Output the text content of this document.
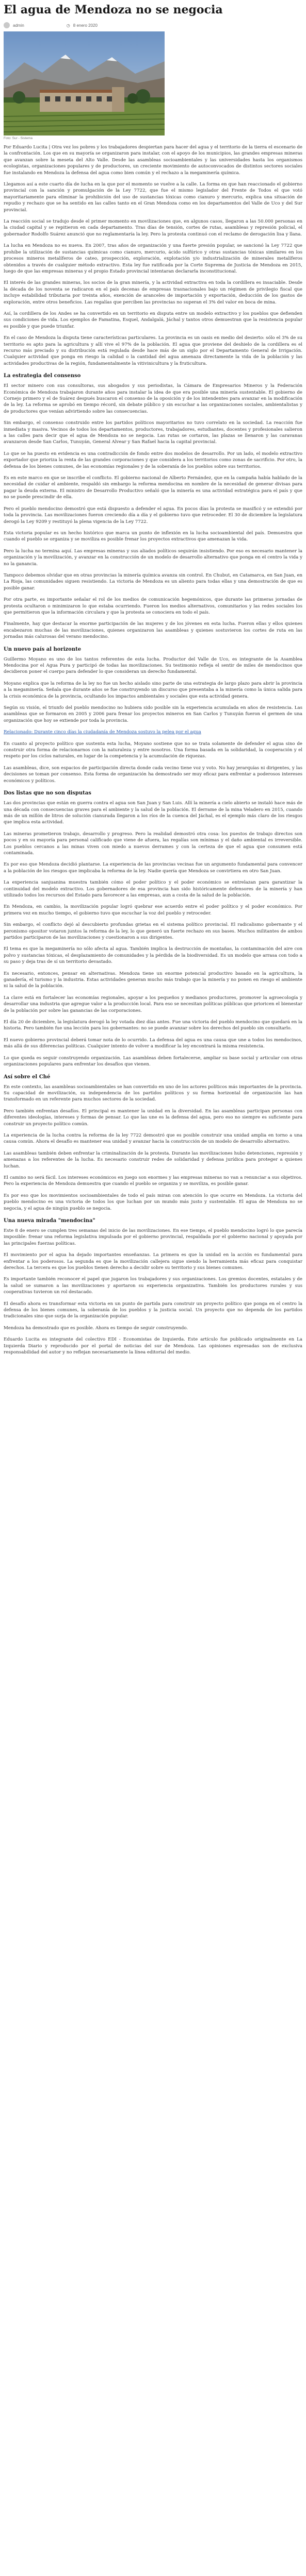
El agua de Mendoza no se negocia
admin	◷ 8 enero 2020
Foto: Sur - Sistema

Por Eduardo Lucita | Otra vez los pobres y los trabajadores despiertan para hacer del agua y el territorio de la tierra el escenario de la confrontación. Los que en su mayoría se organizaron para instalar, con el apoyo de los municipios, las grandes empresas mineras que avanzan sobre la meseta del Alto Valle. Desde las asambleas socioambientales y las universidades hasta los organismos ecologistas, organizaciones populares y de productores, un creciente movimiento de autoconvocados de distintos sectores sociales fue instalando en Mendoza la defensa del agua como bien común y el rechazo a la megaminería química.

Llegamos así a este cuarto día de lucha en la que por el momento se vuelve a la calle. La forma en que han reaccionado el gobierno provincial con la sanción y promulgación de la Ley 7722, que fue el mismo legislador del Frente de Todos el que votó mayoritariamente para eliminar la prohibición del uso de sustancias tóxicas como cianuro y mercurio, explica una situación de repudio y rechazo que se ha sentido en las calles tanto en el Gran Mendoza como en los departamentos del Valle de Uco y del Sur provincial.

La reacción social se tradujo desde el primer momento en movilizaciones que, en algunos casos, llegaron a las 50.000 personas en la ciudad capital y se repitieron en cada departamento. Tras días de tensión, cortes de rutas, asambleas y represión policial, el gobernador Rodolfo Suárez anunció que no reglamentaría la ley. Pero la protesta continuó con el reclamo de derogación lisa y llana.

La lucha en Mendoza no es nueva. En 2007, tras años de organización y una fuerte presión popular, se sancionó la Ley 7722 que prohíbe la utilización de sustancias químicas como cianuro, mercurio, ácido sulfúrico y otras sustancias tóxicas similares en los procesos mineros metalíferos de cateo, prospección, exploración, explotación y/o industrialización de minerales metalíferos obtenidos a través de cualquier método extractivo. Esta ley fue ratificada por la Corte Suprema de Justicia de Mendoza en 2015, luego de que las empresas mineras y el propio Estado provincial intentaran declararla inconstitucional.

El interés de las grandes mineras, los socios de la gran minería, y la actividad extractiva en toda la cordillera es insaciable. Desde la década de los noventa se radicaron en el país decenas de empresas trasnacionales bajo un régimen de privilegio fiscal que incluye estabilidad tributaria por treinta años, exención de aranceles de importación y exportación, deducción de los gastos de exploración, entre otros beneficios. Las regalías que perciben las provincias no superan el 3% del valor en boca de mina.

Así, la cordillera de los Andes se ha convertido en un territorio en disputa entre un modelo extractivo y los pueblos que defienden sus condiciones de vida. Los ejemplos de Famatina, Esquel, Andalgalá, Jáchal y tantos otros demuestran que la resistencia popular es posible y que puede triunfar.

En el caso de Mendoza la disputa tiene características particulares. La provincia es un oasis en medio del desierto: sólo el 3% de su territorio es apto para la agricultura y allí vive el 97% de la población. El agua que proviene del deshielo de la cordillera es el recurso más preciado y su distribución está regulada desde hace más de un siglo por el Departamento General de Irrigación. Cualquier actividad que ponga en riesgo la calidad o la cantidad del agua amenaza directamente la vida de la población y las actividades productivas de la región, fundamentalmente la vitivinicultura y la fruticultura.

La estrategia del consenso

El sector minero con sus consultoras, sus abogados y sus periodistas, la Cámara de Empresarios Mineros y la Federación Económica de Mendoza trabajaron durante años para instalar la idea de que era posible una minería sustentable. El gobierno de Cornejo primero y el de Suárez después buscaron el consenso de la oposición y de los intendentes para avanzar en la modificación de la ley. La reforma se aprobó en tiempo récord, sin debate público y sin escuchar a las organizaciones sociales, ambientalistas y de productores que venían advirtiendo sobre las consecuencias.

Sin embargo, el consenso construido entre los partidos políticos mayoritarios no tuvo correlato en la sociedad. La reacción fue inmediata y masiva. Vecinos de todos los departamentos, productores, trabajadores, estudiantes, docentes y profesionales salieron a las calles para decir que el agua de Mendoza no se negocia. Las rutas se cortaron, las plazas se llenaron y las caravanas avanzaron desde San Carlos, Tunuyán, General Alvear y San Rafael hacia la capital provincial.

Lo que se ha puesto en evidencia es una contradicción de fondo entre dos modelos de desarrollo. Por un lado, el modelo extractivo exportador que prioriza la renta de las grandes corporaciones y que considera a los territorios como zonas de sacrificio. Por otro, la defensa de los bienes comunes, de las economías regionales y de la soberanía de los pueblos sobre sus territorios.

Es en este marco en que se inscribe el conflicto. El gobierno nacional de Alberto Fernández, que en la campaña había hablado de la necesidad de cuidar el ambiente, respaldó sin embargo la reforma mendocina en nombre de la necesidad de generar divisas para pagar la deuda externa. El ministro de Desarrollo Productivo señaló que la minería es una actividad estratégica para el país y que no se puede prescindir de ella.

Pero el pueblo mendocino demostró que está dispuesto a defender el agua. En pocos días la protesta se masificó y se extendió por toda la provincia. Las movilizaciones fueron creciendo día a día y el gobierno tuvo que retroceder. El 30 de diciembre la legislatura derogó la Ley 9209 y restituyó la plena vigencia de la Ley 7722.

Esta victoria popular es un hecho histórico que marca un punto de inflexión en la lucha socioambiental del país. Demuestra que cuando el pueblo se organiza y se moviliza es posible frenar los proyectos extractivos que amenazan la vida.

Pero la lucha no termina aquí. Las empresas mineras y sus aliados políticos seguirán insistiendo. Por eso es necesario mantener la organización y la movilización, y avanzar en la construcción de un modelo de desarrollo alternativo que ponga en el centro la vida y no la ganancia.

Tampoco debemos olvidar que en otras provincias la minería química avanza sin control. En Chubut, en Catamarca, en San Juan, en La Rioja, las comunidades siguen resistiendo. La victoria de Mendoza es un aliento para todas ellas y una demostración de que es posible ganar.

Por otra parte, es importante señalar el rol de los medios de comunicación hegemónicos, que durante las primeras jornadas de protesta ocultaron o minimizaron lo que estaba ocurriendo. Fueron los medios alternativos, comunitarios y las redes sociales los que permitieron que la información circulara y que la protesta se conociera en todo el país.

Finalmente, hay que destacar la enorme participación de las mujeres y de los jóvenes en esta lucha. Fueron ellas y ellos quienes encabezaron muchas de las movilizaciones, quienes organizaron las asambleas y quienes sostuvieron los cortes de ruta en las jornadas más calurosas del verano mendocino.

Un nuevo país al horizonte

Guillermo Moyano es uno de los tantos referentes de esta lucha. Productor del Valle de Uco, es integrante de la Asamblea Mendocina por el Agua Pura y participó de todas las movilizaciones. Su testimonio refleja el sentir de miles de mendocinos que decidieron poner el cuerpo para defender lo que consideran un derecho fundamental.

Moyano explica que la reforma de la ley no fue un hecho aislado sino parte de una estrategia de largo plazo para abrir la provincia a la megaminería. Señala que durante años se fue construyendo un discurso que presentaba a la minería como la única salida para la crisis económica de la provincia, ocultando los impactos ambientales y sociales que esta actividad genera.

Según su visión, el triunfo del pueblo mendocino no hubiera sido posible sin la experiencia acumulada en años de resistencia. Las asambleas que se formaron en 2005 y 2006 para frenar los proyectos mineros en San Carlos y Tunuyán fueron el germen de una organización que hoy se extiende por toda la provincia.

Relacionado: Durante cinco días la ciudadanía de Mendoza sostuvo la pelea por el agua

En cuanto al proyecto político que sustenta esta lucha, Moyano sostiene que no se trata solamente de defender el agua sino de construir otra forma de relacionarnos con la naturaleza y entre nosotros. Una forma basada en la solidaridad, la cooperación y el respeto por los ciclos naturales, en lugar de la competencia y la acumulación de riquezas.

Las asambleas, dice, son espacios de participación directa donde cada vecino tiene voz y voto. No hay jerarquías ni dirigentes, y las decisiones se toman por consenso. Esta forma de organización ha demostrado ser muy eficaz para enfrentar a poderosos intereses económicos y políticos.

Dos listas que no son disputas

Las dos provincias que están en guerra contra el agua son San Juan y San Luis. Allí la minería a cielo abierto se instaló hace más de una década con consecuencias graves para el ambiente y la salud de la población. El derrame de la mina Veladero en 2015, cuando más de un millón de litros de solución cianurada llegaron a los ríos de la cuenca del Jáchal, es el ejemplo más claro de los riesgos que implica esta actividad.

Las mineras prometieron trabajo, desarrollo y progreso. Pero la realidad demostró otra cosa: los puestos de trabajo directos son pocos y en su mayoría para personal calificado que viene de afuera, las regalías son mínimas y el daño ambiental es irreversible. Los pueblos cercanos a las minas viven con miedo a nuevos derrames y con la certeza de que el agua que consumen está contaminada.

Es por eso que Mendoza decidió plantarse. La experiencia de las provincias vecinas fue un argumento fundamental para convencer a la población de los riesgos que implicaba la reforma de la ley. Nadie quería que Mendoza se convirtiera en otro San Juan.

La experiencia sanjuanina muestra también cómo el poder político y el poder económico se entrelazan para garantizar la continuidad del modelo extractivo. Los gobernadores de esa provincia han sido históricamente defensores de la minería y han utilizado todos los recursos del Estado para favorecer a las empresas, aun a costa de la salud de la población.

En Mendoza, en cambio, la movilización popular logró quebrar ese acuerdo entre el poder político y el poder económico. Por primera vez en mucho tiempo, el gobierno tuvo que escuchar la voz del pueblo y retroceder.

Sin embargo, el conflicto dejó al descubierto profundas grietas en el sistema político provincial. El radicalismo gobernante y el peronismo opositor votaron juntos la reforma de la ley, lo que generó un fuerte rechazo en sus bases. Muchos militantes de ambos partidos participaron de las movilizaciones y cuestionaron a sus dirigentes.

El tema es que la megaminería no sólo afecta al agua. También implica la destrucción de montañas, la contaminación del aire con polvo y sustancias tóxicas, el desplazamiento de comunidades y la pérdida de la biodiversidad. Es un modelo que arrasa con todo a su paso y deja tras de sí un territorio devastado.

Es necesario, entonces, pensar en alternativas. Mendoza tiene un enorme potencial productivo basado en la agricultura, la ganadería, el turismo y la industria. Estas actividades generan mucho más trabajo que la minería y no ponen en riesgo el ambiente ni la salud de la población.

La clave está en fortalecer las economías regionales, apoyar a los pequeños y medianos productores, promover la agroecología y desarrollar una industria que agregue valor a la producción local. Para eso se necesitan políticas públicas que prioricen el bienestar de la población por sobre las ganancias de las corporaciones.

El día 20 de diciembre, la legislatura derogó la ley votada diez días antes. Fue una victoria del pueblo mendocino que quedará en la historia. Pero también fue una lección para los gobernantes: no se puede avanzar sobre los derechos del pueblo sin consultarlo.

El nuevo gobierno provincial deberá tomar nota de lo ocurrido. La defensa del agua es una causa que une a todos los mendocinos, más allá de sus diferencias políticas. Cualquier intento de volver a modificar la ley encontrará la misma resistencia.

Lo que queda es seguir construyendo organización. Las asambleas deben fortalecerse, ampliar su base social y articular con otras organizaciones populares para enfrentar los desafíos que vienen.

Así sobre el Ché

En este contexto, las asambleas socioambientales se han convertido en uno de los actores políticos más importantes de la provincia. Su capacidad de movilización, su independencia de los partidos políticos y su forma horizontal de organización las han transformado en un referente para muchos sectores de la sociedad.

Pero también enfrentan desafíos. El principal es mantener la unidad en la diversidad. En las asambleas participan personas con diferentes ideologías, intereses y formas de pensar. Lo que las une es la defensa del agua, pero eso no siempre es suficiente para construir un proyecto político común.

La experiencia de la lucha contra la reforma de la ley 7722 demostró que es posible construir una unidad amplia en torno a una causa común. Ahora el desafío es mantener esa unidad y avanzar hacia la construcción de un modelo de desarrollo alternativo.

Las asambleas también deben enfrentar la criminalización de la protesta. Durante las movilizaciones hubo detenciones, represión y amenazas a los referentes de la lucha. Es necesario construir redes de solidaridad y defensa jurídica para proteger a quienes luchan.

El camino no será fácil. Los intereses económicos en juego son enormes y las empresas mineras no van a renunciar a sus objetivos. Pero la experiencia de Mendoza demuestra que cuando el pueblo se organiza y se moviliza, es posible ganar.

Es por eso que los movimientos socioambientales de todo el país miran con atención lo que ocurre en Mendoza. La victoria del pueblo mendocino es una victoria de todos los que luchan por un mundo más justo y sustentable. El agua de Mendoza no se negocia, y el agua de ningún pueblo se negocia.

Una nueva mirada "mendocina"

Este 8 de enero se cumplen tres semanas del inicio de las movilizaciones. En ese tiempo, el pueblo mendocino logró lo que parecía imposible: frenar una reforma legislativa impulsada por el gobierno provincial, respaldada por el gobierno nacional y apoyada por las principales fuerzas políticas.

El movimiento por el agua ha dejado importantes enseñanzas. La primera es que la unidad en la acción es fundamental para enfrentar a los poderosos. La segunda es que la movilización callejera sigue siendo la herramienta más eficaz para conquistar derechos. La tercera es que los pueblos tienen derecho a decidir sobre su territorio y sus bienes comunes.

Es importante también reconocer el papel que jugaron los trabajadores y sus organizaciones. Los gremios docentes, estatales y de la salud se sumaron a las movilizaciones y aportaron su experiencia organizativa. También los productores rurales y sus cooperativas tuvieron un rol destacado.

El desafío ahora es transformar esta victoria en un punto de partida para construir un proyecto político que ponga en el centro la defensa de los bienes comunes, la soberanía de los pueblos y la justicia social. Un proyecto que no dependa de los partidos tradicionales sino que surja de la organización popular.

Mendoza ha demostrado que es posible. Ahora es tiempo de seguir construyendo.

Eduardo Lucita es integrante del colectivo EDI - Economistas de Izquierda. Este artículo fue publicado originalmente en La Izquierda Diario y reproducido por el portal de noticias del sur de Mendoza. Las opiniones expresadas son de exclusiva responsabilidad del autor y no reflejan necesariamente la línea editorial del medio.
